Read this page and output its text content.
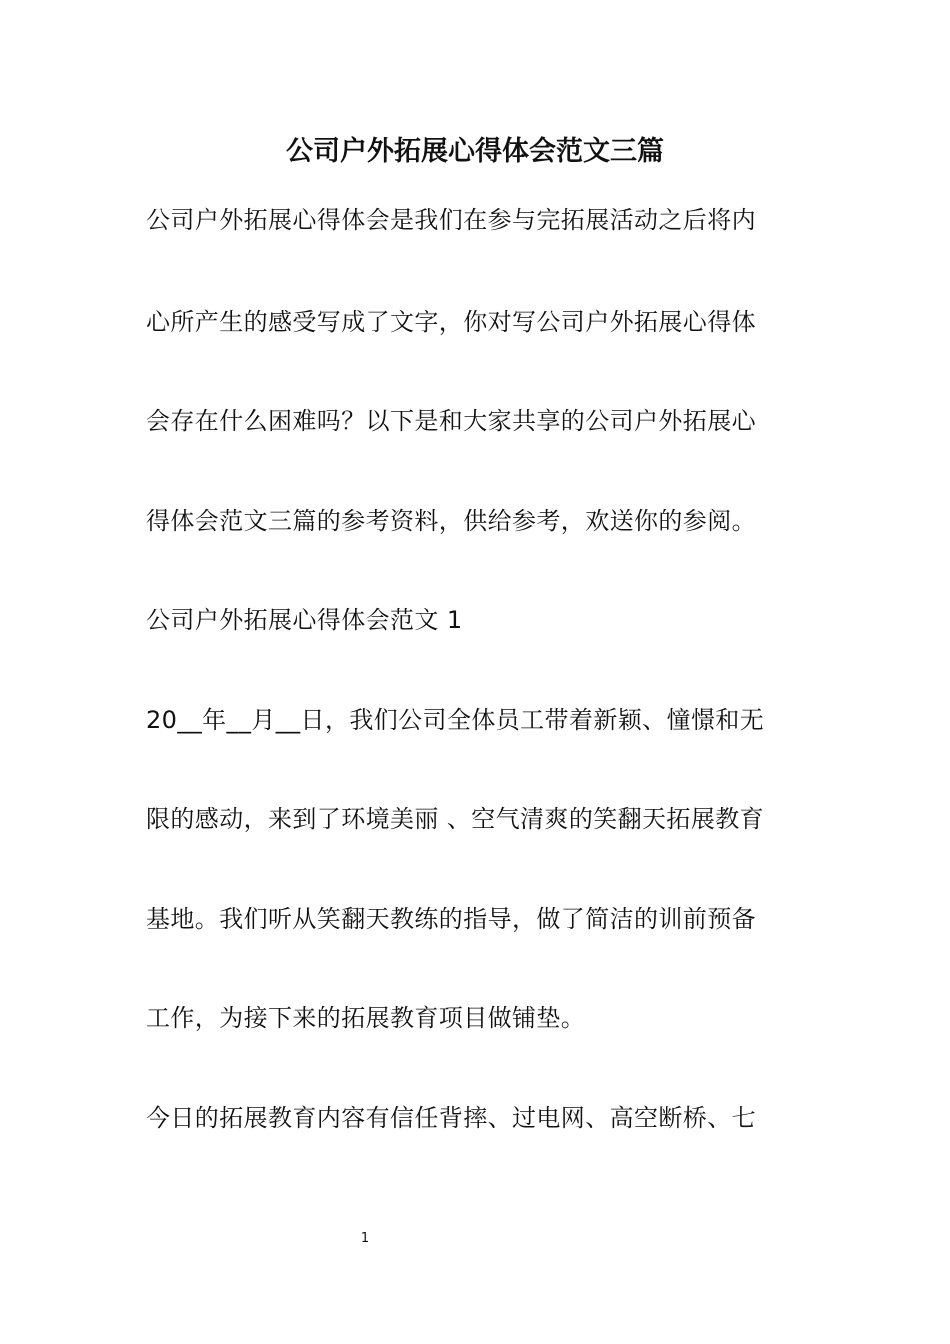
公司户外拓展心得体会范文三篇
公司户外拓展心得体会是我们在参与完拓展活动之后将内
心所产生的感受写成了文字，你对写公司户外拓展心得体
会存在什么困难吗？以下是和大家共享的公司户外拓展心
得体会范文三篇的参考资料，供给参考，欢送你的参阅。
公司户外拓展心得体会范文 1
20__年__月__日，我们公司全体员工带着新颖、憧憬和无
限的感动，来到了环境美丽 、空气清爽的笑翻天拓展教育
基地。我们听从笑翻天教练的指导，做了简洁的训前预备
工作，为接下来的拓展教育项目做铺垫。
今日的拓展教育内容有信任背摔、过电网、高空断桥、七
1
